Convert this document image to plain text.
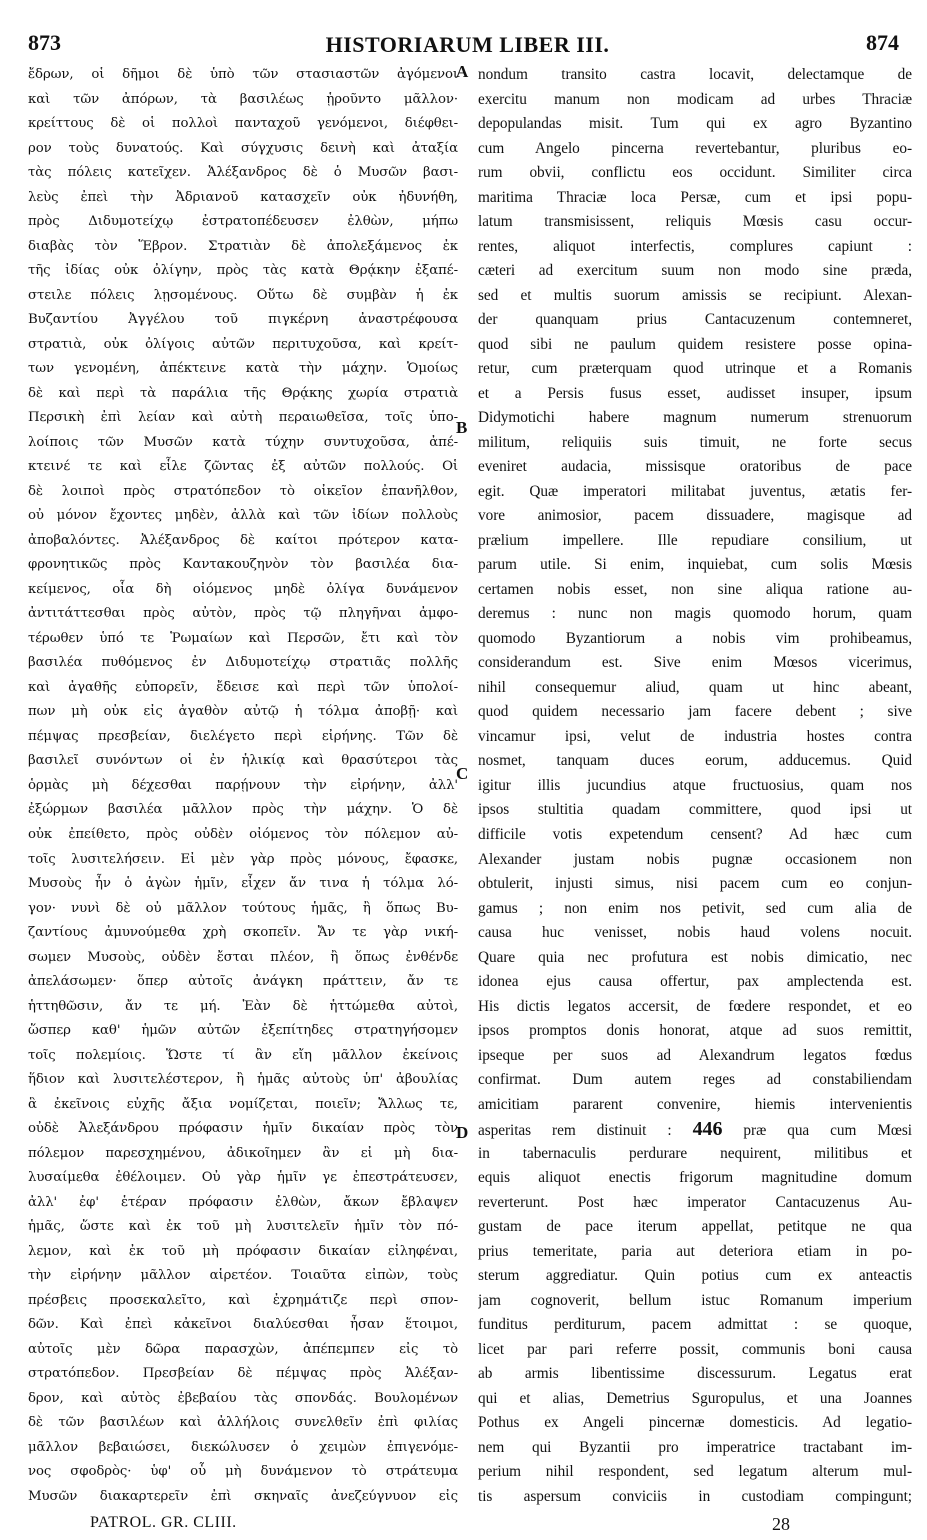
873	HISTORIARUM LIBER III.	874
ἔδρων, οἱ δῆμοι δὲ ὑπὸ τῶν στασιαστῶν ἀγόμενοι
καὶ τῶν ἀπόρων, τὰ βασιλέως ᾑροῦντο μᾶλλον·
κρείττους δὲ οἱ πολλοὶ πανταχοῦ γενόμενοι, διέφθει-
ρον τοὺς δυνατούς. Καὶ σύγχυσις δεινὴ καὶ ἀταξία
τὰς πόλεις κατεῖχεν. Ἀλέξανδρος δὲ ὁ Μυσῶν βασι-
λεὺς ἐπεὶ τὴν Ἀδριανοῦ κατασχεῖν οὐκ ἠδυνήθη,
πρὸς Διδυμοτείχῳ ἐστρατοπέδευσεν ἐλθὼν, μήπω
διαβὰς τὸν Ἕβρον. Στρατιὰν δὲ ἀπολεξάμενος ἐκ
τῆς ἰδίας οὐκ ὀλίγην, πρὸς τὰς κατὰ Θρᾴκην ἐξαπέ-
στειλε πόλεις λῃσομένους. Οὕτω δὲ συμβὰν ἡ ἐκ
Βυζαντίου Ἀγγέλου τοῦ πιγκέρνη ἀναστρέφουσα
στρατιὰ, οὐκ ὀλίγοις αὐτῶν περιτυχοῦσα, καὶ κρείτ-
των γενομένη, ἀπέκτεινε κατὰ τὴν μάχην. Ὁμοίως
δὲ καὶ περὶ τὰ παράλια τῆς Θρᾴκης χωρία στρατιὰ
Περσικὴ ἐπὶ λείαν καὶ αὐτὴ περαιωθεῖσα, τοῖς ὑπο-
λοίποις τῶν Μυσῶν κατὰ τύχην συντυχοῦσα, ἀπέ-
κτεινέ τε καὶ εἷλε ζῶντας ἐξ αὐτῶν πολλούς. Οἱ
δὲ λοιποὶ πρὸς στρατόπεδον τὸ οἰκεῖον ἐπανῆλθον,
οὐ μόνον ἔχοντες μηδὲν, ἀλλὰ καὶ τῶν ἰδίων πολλοὺς
ἀποβαλόντες. Ἀλέξανδρος δὲ καίτοι πρότερον κατα-
φρονητικῶς πρὸς Καντακουζηνὸν τὸν βασιλέα δια-
κείμενος, οἷα δὴ οἰόμενος μηδὲ ὀλίγα δυνάμενον
ἀντιτάττεσθαι πρὸς αὐτὸν, πρὸς τῷ πληγῆναι ἀμφο-
τέρωθεν ὑπό τε Ῥωμαίων καὶ Περσῶν, ἔτι καὶ τὸν
βασιλέα πυθόμενος ἐν Διδυμοτείχῳ στρατιᾶς πολλῆς
καὶ ἀγαθῆς εὐπορεῖν, ἔδεισε καὶ περὶ τῶν ὑπολοί-
πων μὴ οὐκ εἰς ἀγαθὸν αὐτῷ ἡ τόλμα ἀποβῇ· καὶ
πέμψας πρεσβείαν, διελέγετο περὶ εἰρήνης. Τῶν δὲ
βασιλεῖ συνόντων οἱ ἐν ἡλικίᾳ καὶ θρασύτεροι τὰς
ὁρμὰς μὴ δέχεσθαι παρῄνουν τὴν εἰρήνην, ἀλλ'
ἐξώρμων βασιλέα μᾶλλον πρὸς τὴν μάχην. Ὁ δὲ
οὐκ ἐπείθετο, πρὸς οὐδὲν οἰόμενος τὸν πόλεμον αὐ-
τοῖς λυσιτελήσειν. Εἰ μὲν γὰρ πρὸς μόνους, ἔφασκε,
Μυσοὺς ἦν ὁ ἀγὼν ἡμῖν, εἶχεν ἄν τινα ἡ τόλμα λό-
γον· νυνὶ δὲ οὐ μᾶλλον τούτους ἡμᾶς, ἢ ὅπως Βυ-
ζαντίους ἀμυνούμεθα χρὴ σκοπεῖν. Ἄν τε γὰρ νική-
σωμεν Μυσοὺς, οὐδὲν ἔσται πλέον, ἢ ὅπως ἐνθένδε
ἀπελάσωμεν· ὅπερ αὐτοῖς ἀνάγκη πράττειν, ἄν τε
ἡττηθῶσιν, ἄν τε μή. Ἐὰν δὲ ἡττώμεθα αὐτοὶ,
ὥσπερ καθ' ἡμῶν αὐτῶν ἐξεπίτηδες στρατηγήσομεν
τοῖς πολεμίοις. Ὥστε τί ἂν εἴη μᾶλλον ἐκείνοις
ἥδιον καὶ λυσιτελέστερον, ἢ ἡμᾶς αὐτοὺς ὑπ' ἀβουλίας
ἃ ἐκεῖνοις εὐχῆς ἄξια νομίζεται, ποιεῖν; Ἄλλως τε,
οὐδὲ Ἀλεξάνδρου πρόφασιν ἡμῖν δικαίαν πρὸς τὸν
πόλεμον παρεσχημένου, ἀδικοῖημεν ἂν εἰ μὴ δια-
λυσαίμεθα ἐθέλοιμεν. Οὐ γὰρ ἡμῖν γε ἐπεστράτευσεν,
ἀλλ' ἐφ' ἑτέραν πρόφασιν ἐλθὼν, ἄκων ἔβλαψεν
ἡμᾶς, ὥστε καὶ ἐκ τοῦ μὴ λυσιτελεῖν ἡμῖν τὸν πό-
λεμον, καὶ ἐκ τοῦ μὴ πρόφασιν δικαίαν εἰληφέναι,
τὴν εἰρήνην μᾶλλον αἱρετέον. Τοιαῦτα εἰπὼν, τοὺς
πρέσβεις προσεκαλεῖτο, καὶ ἐχρημάτιζε περὶ σπον-
δῶν. Καὶ ἐπεὶ κἀκεῖνοι διαλύεσθαι ἦσαν ἕτοιμοι,
αὐτοῖς μὲν δῶρα παρασχὼν, ἀπέπεμπεν εἰς τὸ
στρατόπεδον. Πρεσβείαν δὲ πέμψας πρὸς Ἀλέξαν-
δρον, καὶ αὐτὸς ἐβεβαίου τὰς σπονδάς. Βουλομένων
δὲ τῶν βασιλέων καὶ ἀλλήλοις συνελθεῖν ἐπὶ φιλίας
μᾶλλον βεβαιώσει, διεκώλυσεν ὁ χειμὼν ἐπιγενόμε-
νος σφοδρὸς· ὑφ' οὗ μὴ δυνάμενον τὸ στράτευμα
Μυσῶν διακαρτερεῖν ἐπὶ σκηναῖς ἀνεζεύγνυον εἰς
A
B
C
D
nondum transito castra locavit, delectamque de
exercitu manum non modicam ad urbes Thraciæ
depopulandas misit. Tum qui ex agro Byzantino
cum Angelo pincerna revertebantur, pluribus eo-
rum obvii, conflictu eos occidunt. Similiter circa
maritima Thraciæ loca Persæ, cum et ipsi popu-
latum transmisissent, reliquis Mœsis casu occur-
rentes, aliquot interfectis, complures capiunt :
cæteri ad exercitum suum non modo sine præda,
sed et multis suorum amissis se recipiunt. Alexan-
der quanquam prius Cantacuzenum contemneret,
quod sibi ne paulum quidem resistere posse opina-
retur, cum præterquam quod utrinque et a Romanis
et a Persis fusus esset, audisset insuper, ipsum
Didymotichi habere magnum numerum strenuorum
militum, reliquiis suis timuit, ne forte secus
eveniret audacia, missisque oratoribus de pace
egit. Quæ imperatori militabat juventus, ætatis fer-
vore animosior, pacem dissuadere, magisque ad
prælium impellere. Ille repudiare consilium, ut
parum utile. Si enim, inquiebat, cum solis Mœsis
certamen nobis esset, non sine aliqua ratione au-
deremus : nunc non magis quomodo horum, quam
quomodo Byzantiorum a nobis vim prohibeamus,
considerandum est. Sive enim Mœsos vicerimus,
nihil consequemur aliud, quam ut hinc abeant,
quod quidem necessario jam facere debent ; sive
vincamur ipsi, velut de industria hostes contra
nosmet, tanquam duces eorum, adducemus. Quid
igitur illis jucundius atque fructuosius, quam nos
ipsos stultitia quadam committere, quod ipsi ut
difficile votis expetendum censent? Ad hæc cum
Alexander justam nobis pugnæ occasionem non
obtulerit, injusti simus, nisi pacem cum eo conjun-
gamus ; non enim nos petivit, sed cum alia de
causa huc venisset, nobis haud volens nocuit.
Quare quia nec profutura est nobis dimicatio, nec
idonea ejus causa offertur, pax amplectenda est.
His dictis legatos accersit, de fœdere respondet, et eo
ipsos promptos donis honorat, atque ad suos remittit,
ipseque per suos ad Alexandrum legatos fœdus
confirmat. Dum autem reges ad constabiliendam
amicitiam pararent convenire, hiemis intervenientis
asperitas rem distinuit : 446 præ qua cum Mœsi
in tabernaculis perdurare nequirent, militibus et
equis aliquot enectis frigorum magnitudine domum
reverterunt. Post hæc imperator Cantacuzenus Au-
gustam de pace iterum appellat, petitque ne qua
prius temeritate, paria aut deteriora etiam in po-
sterum aggrediatur. Quin potius cum ex anteactis
jam cognoverit, bellum istuc Romanum imperium
funditus perditurum, pacem admittat : se quoque,
licet par pari referre possit, communis boni causa
ab armis libentissime discessurum. Legatus erat
qui et alias, Demetrius Sguropulus, et una Joannes
Pothus ex Angeli pincernæ domesticis. Ad legatio-
nem qui Byzantii pro imperatrice tractabant im-
perium nihil respondent, sed legatum alterum mul-
tis aspersum conviciis in custodiam compingunt;
PATROL. GR. CLIII.	28
